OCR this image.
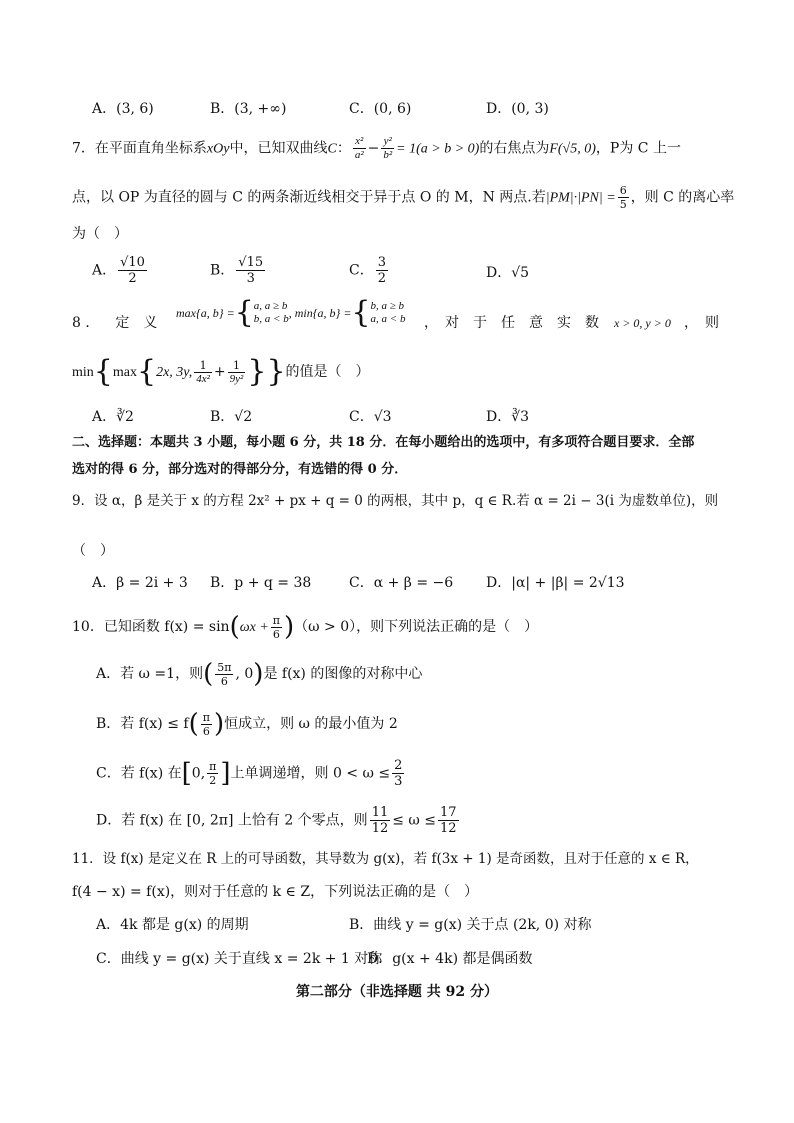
A．(3, 6)	B．(3, +∞)	C．(0, 6)	D．(0, 3)
7．在平面直角坐标系xOy中，已知双曲线C： $\frac{\text{x²}}{\text{a²}} - \frac{\text{y²}}{\text{b²}} = 1(a > b > 0)$的右焦点为F(√5, 0)，P为 C 上一
点，以 OP 为直径的圆与 C 的两条渐近线相交于异于点 O 的 M，N 两点.若$|PM|\cdot|PN| = \frac{6}{5}$ ，则 C 的离心率
为（　）
A． $\frac{√10}{2}$	B． $\frac{√15}{3}$	C． $\frac{3}{2}$	D．√5
8 ． 定 义
max{a, b} ={ a, a ≥ b
b, a < b , min{a, b} ={ b, a ≥ b
a, a < b ，　对　于　任　意　实　数 x > 0, y > 0 ，　则
min{max{2x, 3y, $\frac{1}{\text{4x²}} + \frac{1}{\text{9y²}}$ }}的值是（　）
A．∛2	B．√2	C．√3	D．∛3
二、选择题：本题共 3 小题，每小题 6 分，共 18 分．在每小题给出的选项中，有多项符合题目要求．全部
选对的得 6 分，部分选对的得部分分，有选错的得 0 分．
9．设 α，β 是关于 x 的方程 2x² + px + q = 0 的两根，其中 p，q ∈ R.若 α = 2i − 3(i 为虚数单位)，则
（　）
A．β = 2i + 3 B．p + q = 38	C．α + β = −6 D．|α| + |β| = 2√13
10．已知函数 $f(x) = \sin(\omega x + \frac{\pi}{6} )(\omega > 0)$，则下列说法正确的是（　）
A．若 ω =1，则( $\frac{5\pi}{6}$ , 0)是 f(x) 的图像的对称中心
B．若 $f(x) \le f( \frac{\pi}{6}$ )恒成立，则 ω 的最小值为 2
C．若 f(x) 在[0, $\frac{\pi}{2}$ ]上单调递增，则 $0 < \omega \le \frac{2}{3}$
D．若 f(x) 在 [0, 2π] 上恰有 2 个零点，则 $\frac{11}{12} \le \omega \le \frac{17}{12}$
11．设 f(x) 是定义在 R 上的可导函数，其导数为 g(x)，若 f(3x + 1) 是奇函数，且对于任意的 x ∈ R，
f(4 − x) = f(x)，则对于任意的 k ∈ Z，下列说法正确的是（　）
A．4k 都是 g(x) 的周期	B．曲线 y = g(x) 关于点 (2k, 0) 对称
C．曲线 y = g(x) 关于直线 x = 2k + 1 对称
D．g(x + 4k) 都是偶函数
第二部分（非选择题 共 92 分）
